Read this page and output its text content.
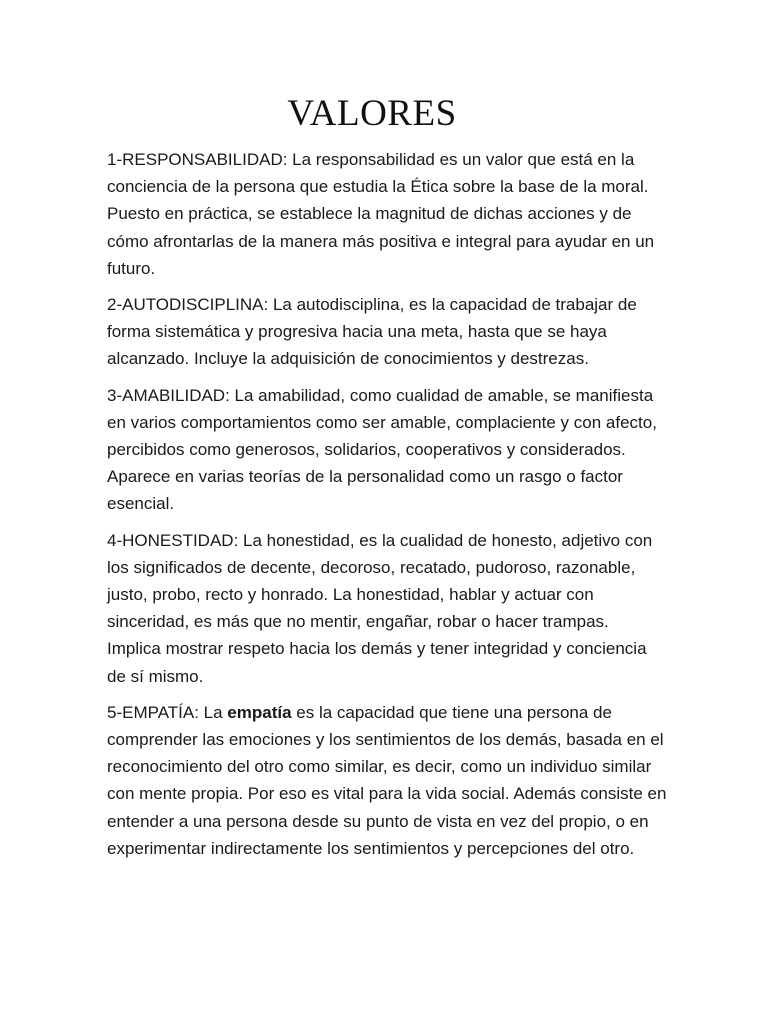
VALORES

1-RESPONSABILIDAD: La responsabilidad es un valor que está en la conciencia de la persona que estudia la Ética sobre la base de la moral. Puesto en práctica, se establece la magnitud de dichas acciones y de cómo afrontarlas de la manera más positiva e integral para ayudar en un futuro.

2-AUTODISCIPLINA: La autodisciplina, es la capacidad de trabajar de forma sistemática y progresiva hacia una meta, hasta que se haya alcanzado. Incluye la adquisición de conocimientos y destrezas.

3-AMABILIDAD: La amabilidad, como cualidad de amable, se manifiesta en varios comportamientos como ser amable, complaciente y con afecto, percibidos como generosos, solidarios, cooperativos y considerados. Aparece en varias teorías de la personalidad como un rasgo o factor esencial.

4-HONESTIDAD: La honestidad, es la cualidad de honesto, adjetivo con los significados de decente, decoroso, recatado, pudoroso, razonable, justo, probo, recto y honrado. La honestidad, hablar y actuar con sinceridad, es más que no mentir, engañar, robar o hacer trampas. Implica mostrar respeto hacia los demás y tener integridad y conciencia de sí mismo.

5-EMPATÍA: La empatía es la capacidad que tiene una persona de comprender las emociones y los sentimientos de los demás, basada en el reconocimiento del otro como similar, es decir, como un individuo similar con mente propia. Por eso es vital para la vida social. Además consiste en entender a una persona desde su punto de vista en vez del propio, o en experimentar indirectamente los sentimientos y percepciones del otro.
